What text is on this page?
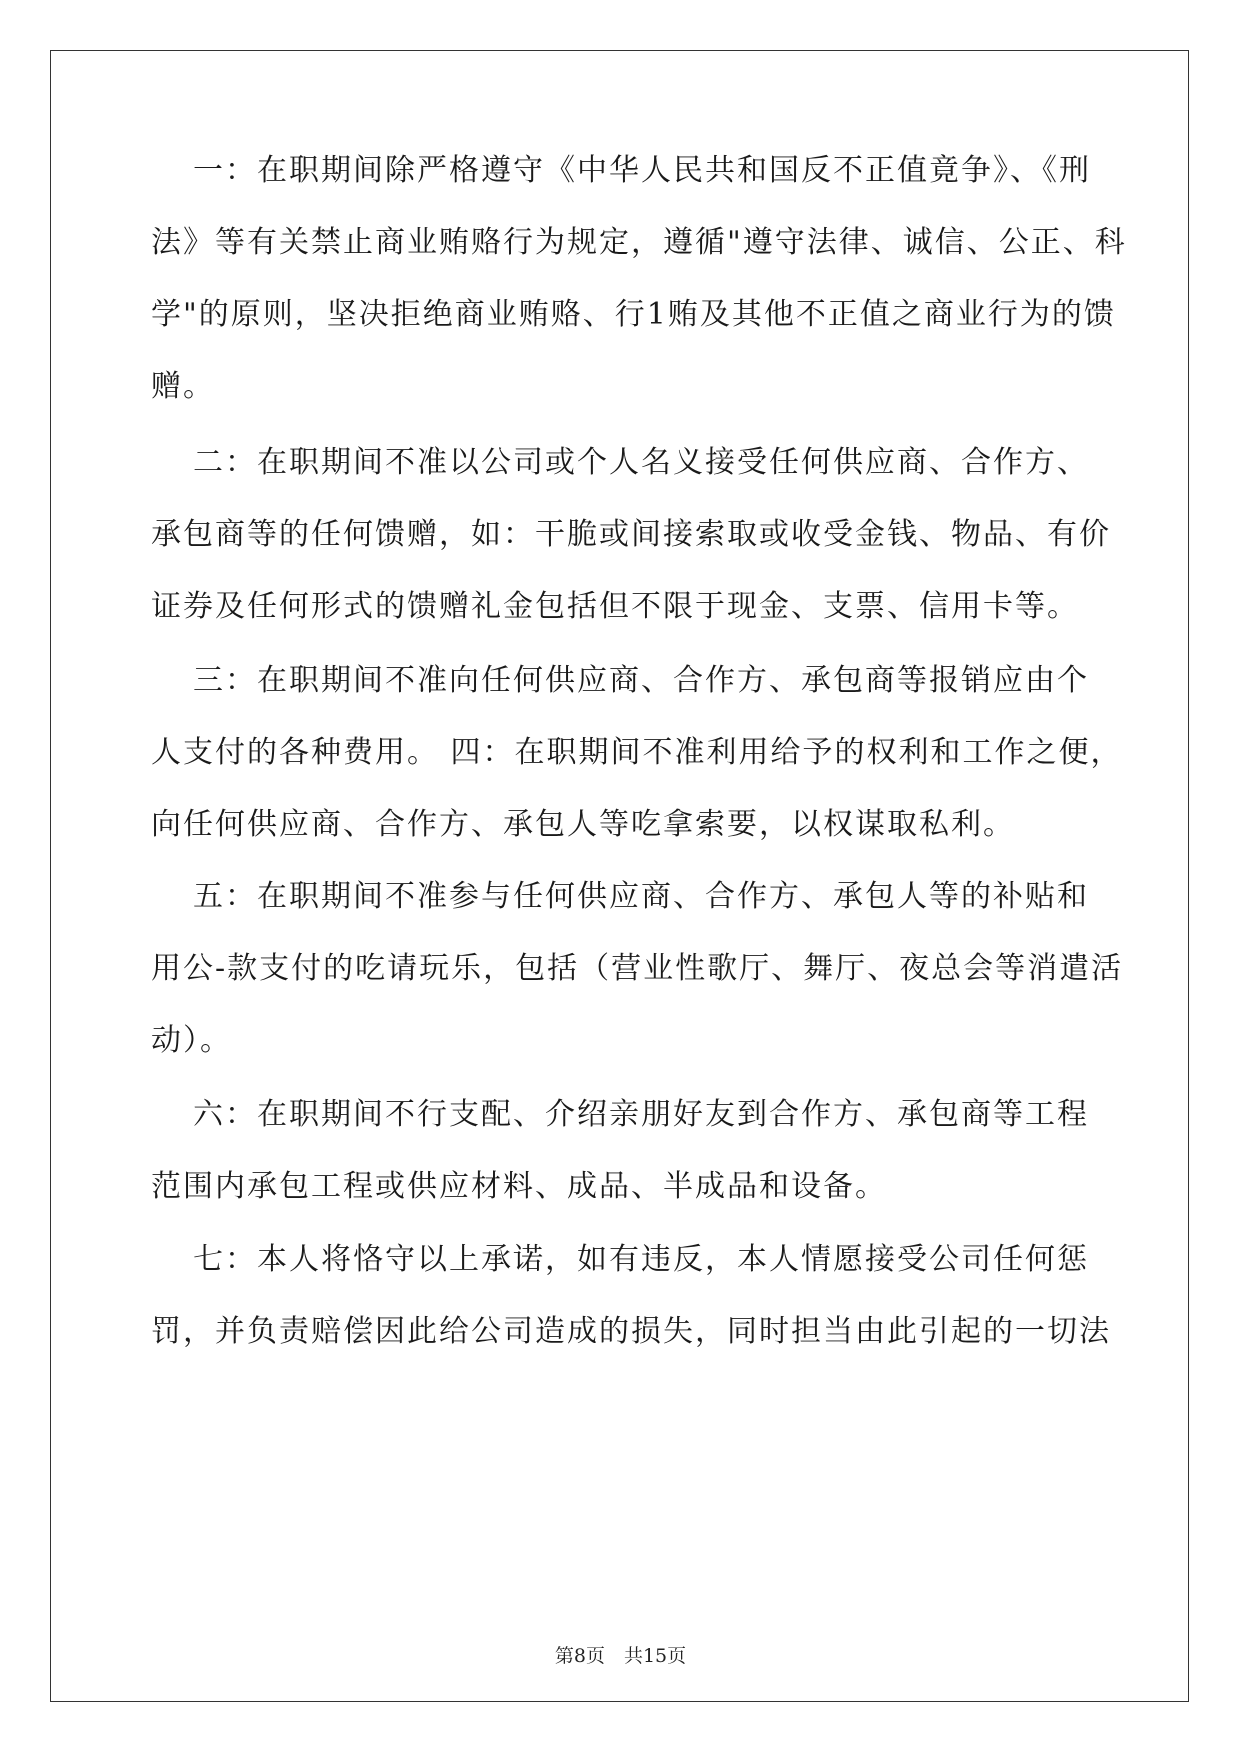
一：在职期间除严格遵守《中华人民共和国反不正值竟争》、《刑
法》等有关禁止商业贿赂行为规定，遵循"遵守法律、诚信、公正、科
学"的原则，坚决拒绝商业贿赂、行1贿及其他不正值之商业行为的馈
赠。
二：在职期间不准以公司或个人名义接受任何供应商、合作方、
承包商等的任何馈赠，如：干脆或间接索取或收受金钱、物品、有价
证券及任何形式的馈赠礼金包括但不限于现金、支票、信用卡等。
三：在职期间不准向任何供应商、合作方、承包商等报销应由个
人支付的各种费用。 四：在职期间不准利用给予的权利和工作之便，
向任何供应商、合作方、承包人等吃拿索要，以权谋取私利。
五：在职期间不准参与任何供应商、合作方、承包人等的补贴和
用公-款支付的吃请玩乐，包括（营业性歌厅、舞厅、夜总会等消遣活
动）。
六：在职期间不行支配、介绍亲朋好友到合作方、承包商等工程
范围内承包工程或供应材料、成品、半成品和设备。
七：本人将恪守以上承诺，如有违反，本人情愿接受公司任何惩
罚，并负责赔偿因此给公司造成的损失，同时担当由此引起的一切法
第8页　共15页
